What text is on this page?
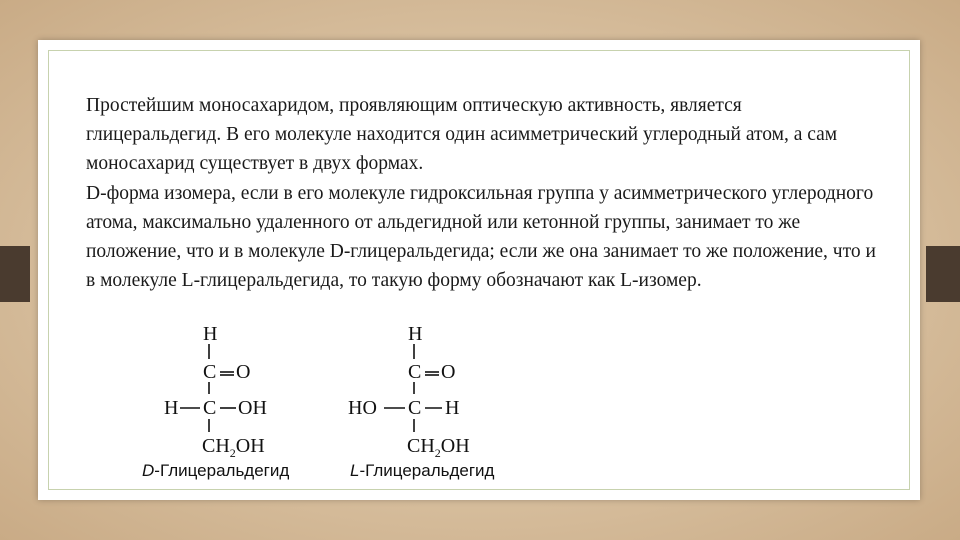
Простейшим моносахаридом, проявляющим оптическую активность, является глицеральдегид. В его молекуле находится один асимметрический углеродный атом, а сам моносахарид существует в двух формах.

D-форма изомера, если в его молекуле гидроксильная группа у асимметрического углеродного атома, максимально удаленного от альдегидной или кетонной группы, занимает то же положение, что и в молекуле D-глицеральдегида; если же она занимает то же положение, что и в молекуле L-глицеральдегида, то такую форму обозначают как L-изомер.

H
C O
H C OH
$CH_2OH$
D-Глицеральдегид
H
C O
HO C H
$CH_2OH$
L-Глицеральдегид
